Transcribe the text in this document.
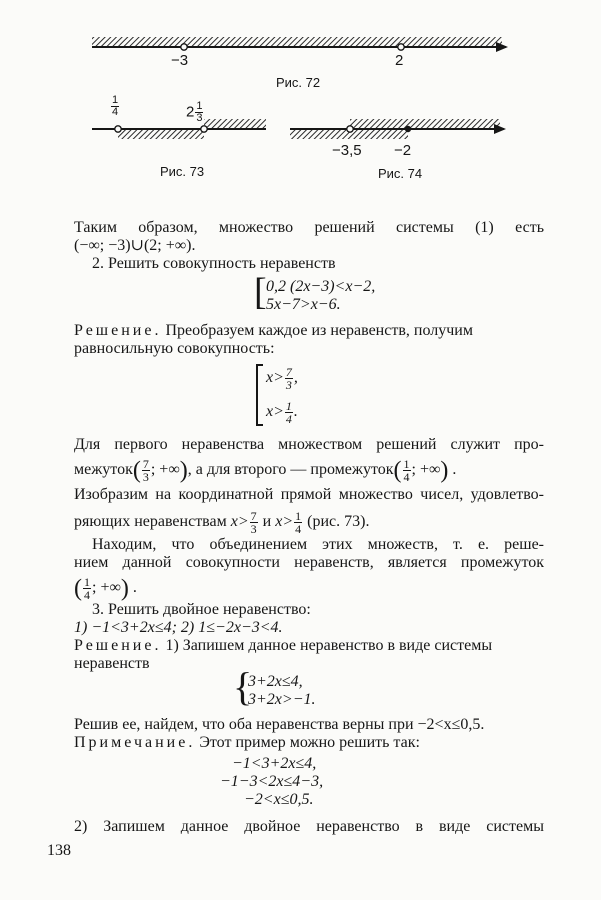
−3	2
Рис. 72
$\frac{1}{4}$	$2 \frac{1}{3}$
Рис. 73
−3,5 −2
Рис. 74
Таким образом, множество решений системы (1) есть
(−∞; −3)∪(2; +∞).
2. Решить совокупность неравенств
[ 0,2 (2x−3)<x−2,
5x−7>x−6.
Решение. Преобразуем каждое из неравенств, получим
равносильную совокупность:
$x> \frac{7}{3}$ ,
$x> \frac{1}{4}$ .
Для первого неравенства множеством решений служит про-
межуток( $\frac{7}{3}$ ; +∞), а для второго — промежуток( $\frac{1}{4}$ ; +∞) .
Изобразим на координатной прямой множество чисел, удовлетво-
ряющих неравенствам $x> \frac{7}{3}$ и $x> \frac{1}{4} (рис$. 73).
Находим, что объединением этих множеств, т. е. реше-
нием данной совокупности неравенств, является промежуток
( $\frac{1}{4}$ ; +∞) .
3. Решить двойное неравенство:
1) −1<3+2x≤4; 2) 1≤−2x−3<4.
Решение. 1) Запишем данное неравенство в виде системы
неравенств
{
3+2x≤4,
3+2x>−1.
Решив ее, найдем, что оба неравенства верны при −2<x≤0,5.
Примечание. Этот пример можно решить так:
−1<3+2x≤4,
−1−3<2x≤4−3,
−2<x≤0,5.
2) Запишем данное двойное неравенство в виде системы
138
